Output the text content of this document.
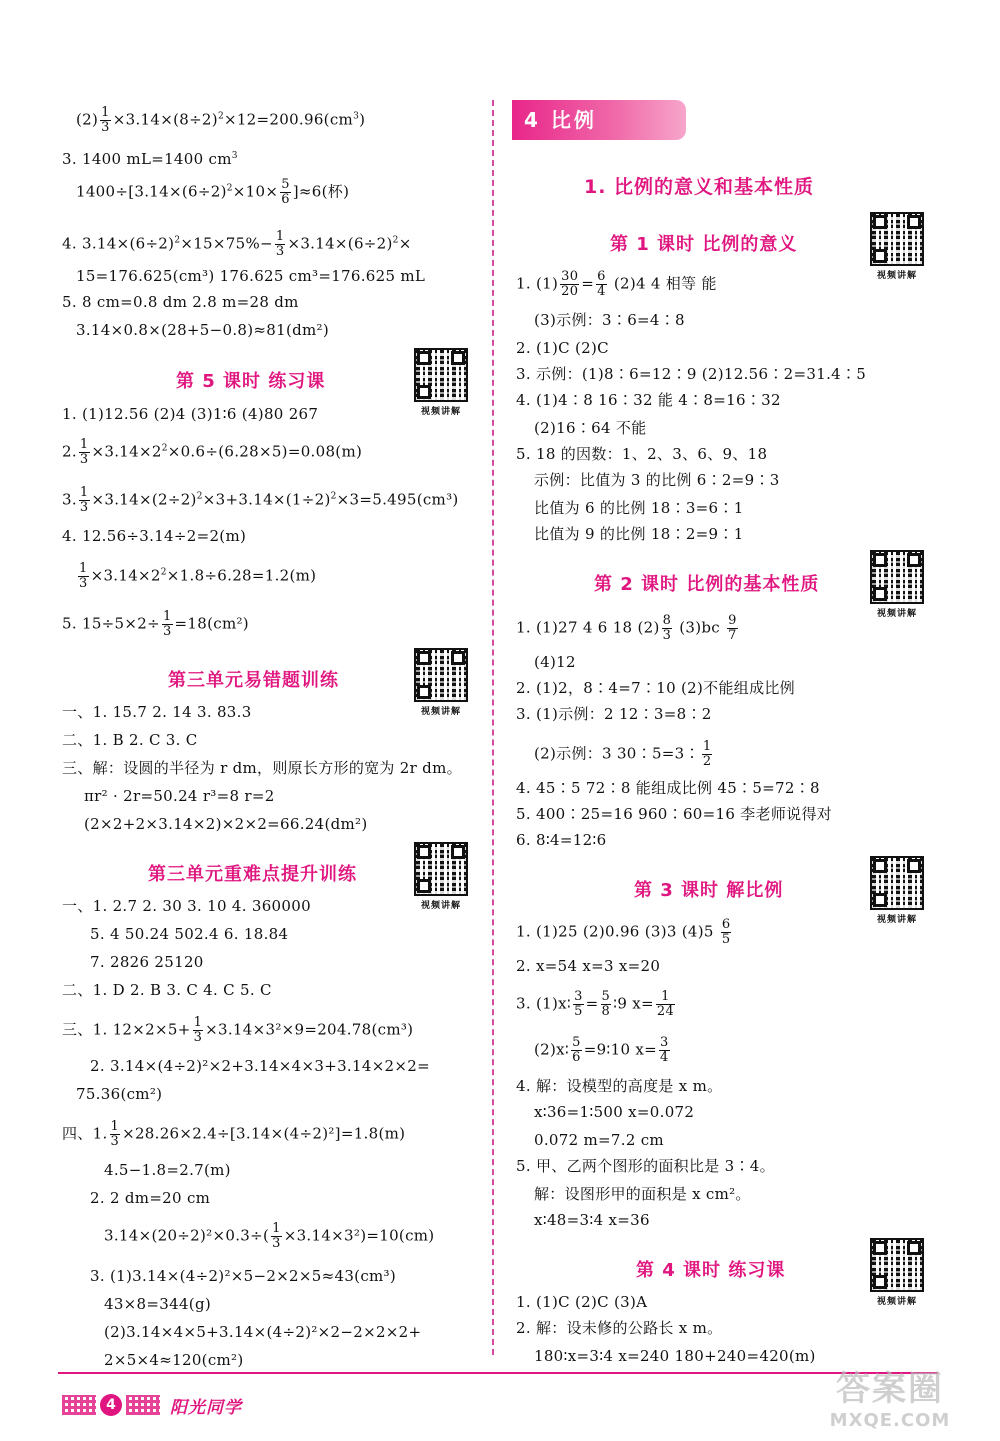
$(2) \frac{1}{3} \times 3.14\times(8\div 2)^2\times 12=200.96(cm^3)$
3. 1400 mL=1400 $cm^3$
$1400\div[3.14\times(6\div 2)^2\times 10\times \frac{5}{6} ]\approx 6$(杯)
4. $3.14\times(6\div 2)^2\times 15\times 75\%- \frac{1}{3} \times 3.14\times(6\div 2)^2\times$
15=176.625(cm³) 176.625 cm³=176.625 mL
5. 8 cm=0.8 dm 2.8 m=28 dm
3.14×0.8×(28+5−0.8)≈81(dm²)
第 5 课时 练习课
视频讲解
1. (1)12.56 (2)4 (3)1∶6 (4)80 267
2. $\frac{1}{3} \times 3.14\times 2^2\times 0.6\div(6.28\times 5)=0.08(m)$
3. $\frac{1}{3} \times 3.14\times(2\div 2)^2\times 3+3.14\times(1\div 2)^2\times 3=5.495(cm^3)$
4. 12.56÷3.14÷2=2(m)
$\frac{1}{3} \times 3.14\times 2^2\times 1.8\div 6.28=1.2(m)$
5. $15\div 5\times 2\div \frac{1}{3} =18(cm^2)$
第三单元易错题训练
视频讲解
一、1. 15.7 2. 14 3. 83.3
二、1. B 2. C 3. C
三、解：设圆的半径为 r dm，则原长方形的宽为 2r dm。
πr² · 2r=50.24 r³=8 r=2
(2×2+2×3.14×2)×2×2=66.24(dm²)
第三单元重难点提升训练
视频讲解
一、1. 2.7 2. 30 3. 10 4. 360000
5. 4 50.24 502.4 6. 18.84
7. 2826 25120
二、1. D 2. B 3. C 4. C 5. C
三、1. $12\times 2\times 5+ \frac{1}{3} \times 3.14\times 3^2\times 9=204.78(cm^3)$
2. 3.14×(4÷2)²×2+3.14×4×3+3.14×2×2=
75.36(cm²)
四、1. $\frac{1}{3} \times 28.26\times 2.4\div[3.14\times(4\div 2)^2]=1.8(m)$
4.5−1.8=2.7(m)
2. 2 dm=20 cm
$3.14\times(20\div 2)^2\times 0.3\div( \frac{1}{3} \times 3.14\times 3^2)=10(cm)$
3. (1)3.14×(4÷2)²×5−2×2×5≈43(cm³)
43×8=344(g)
(2)3.14×4×5+3.14×(4÷2)²×2−2×2×2+
2×5×4≈120(cm²)
4 比例
1. 比例的意义和基本性质
第 1 课时 比例的意义
视频讲解
1. $(1) \frac{30}{20} = \frac{6}{4} (2)4$ 4 相等 能
(3)示例：3∶6=4∶8
2. (1)C (2)C
3. 示例：(1)8∶6=12∶9 (2)12.56∶2=31.4∶5
4. (1)4∶8 16∶32 能 4∶8=16∶32
(2)16∶64 不能
5. 18 的因数：1、2、3、6、9、18
示例：比值为 3 的比例 6∶2=9∶3
比值为 6 的比例 18∶3=6∶1
比值为 9 的比例 18∶2=9∶1
第 2 课时 比例的基本性质
视频讲解
1. (1)27 4 6 18 $(2) \frac{8}{3} (3)bc \frac{9}{7}$
(4)12
2. (1)2，8∶4=7∶10 (2)不能组成比例
3. (1)示例：2 12∶3=8∶2
(2)示例：3 30∶5=3∶ $\frac{1}{2}$
4. 45∶5 72∶8 能组成比例 45∶5=72∶8
5. 400∶25=16 960∶60=16 李老师说得对
6. 8∶4=12∶6
第 3 课时 解比例
视频讲解
1. (1)25 (2)0.96 (3)3 $(4)5 \frac{6}{5}$
2. x=54 x=3 x=20
3. (1)x∶ $\frac{3}{5} = \frac{5}{8}$ ∶9 $x= \frac{1}{24}$
(2)x∶ $\frac{5}{6}$ =9∶10 $x= \frac{3}{4}$
4. 解：设模型的高度是 x m。
x∶36=1∶500 x=0.072
0.072 m=7.2 cm
5. 甲、乙两个图形的面积比是 3∶4。
解：设图形甲的面积是 x cm²。
x∶48=3∶4 x=36
第 4 课时 练习课
视频讲解
1. (1)C (2)C (3)A
2. 解：设未修的公路长 x m。
180∶x=3∶4 x=240 180+240=420(m)
4	阳光同学	答案圈
MXQE.COM
